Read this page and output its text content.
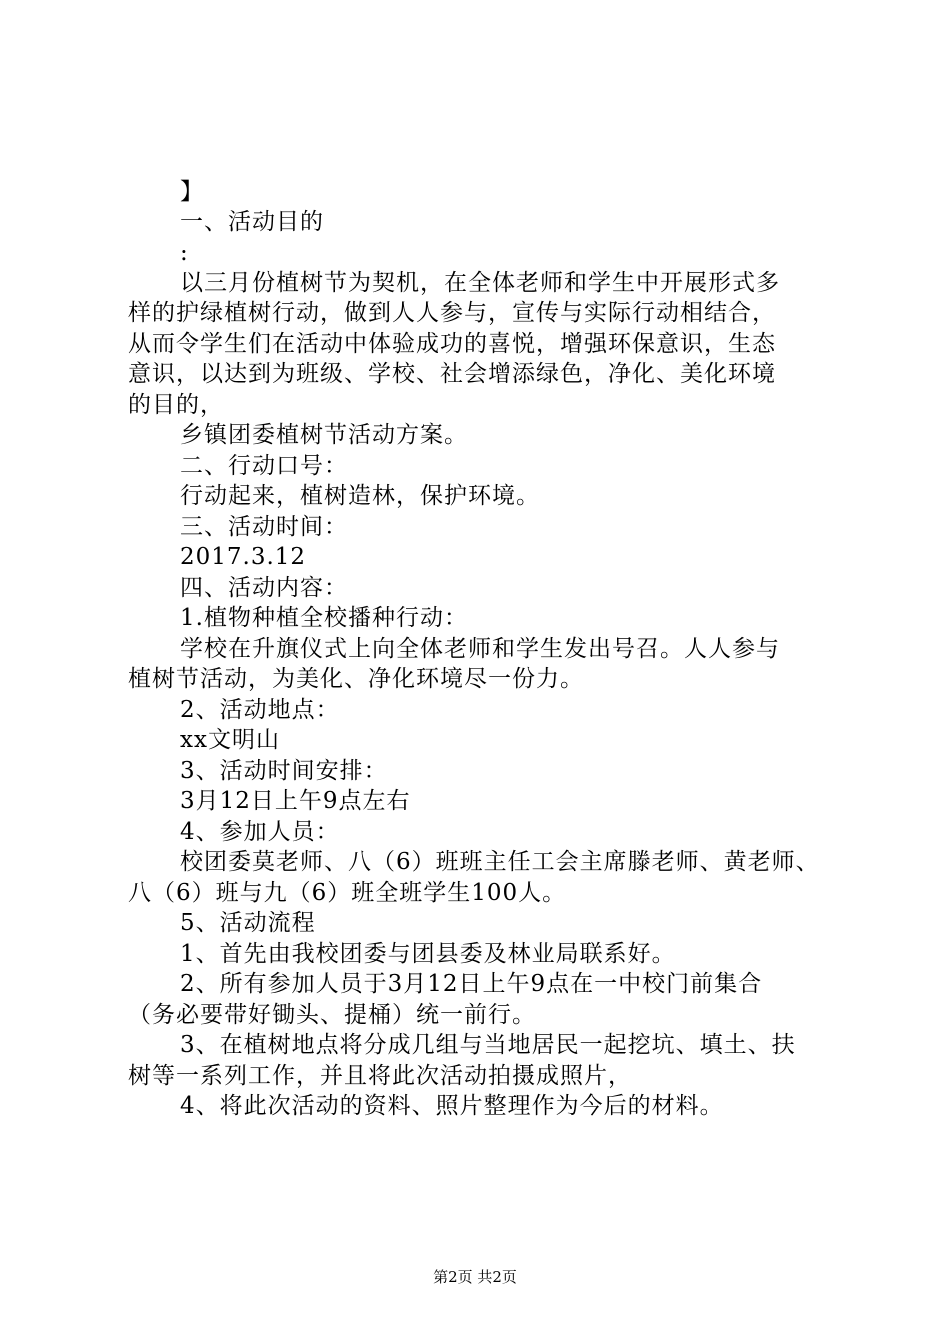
】
一、活动目的
:
以三月份植树节为契机，在全体老师和学生中开展形式多
样的护绿植树行动，做到人人参与，宣传与实际行动相结合，
从而令学生们在活动中体验成功的喜悦，增强环保意识，生态
意识，以达到为班级、学校、社会增添绿色，净化、美化环境
的目的，
乡镇团委植树节活动方案。
二、行动口号：
行动起来，植树造林，保护环境。
三、活动时间：
2017.3.12
四、活动内容：
1.植物种植全校播种行动：
学校在升旗仪式上向全体老师和学生发出号召。人人参与
植树节活动，为美化、净化环境尽一份力。
2、活动地点：
xx文明山
3、活动时间安排：
3月12日上午9点左右
4、参加人员：
校团委莫老师、八（6）班班主任工会主席滕老师、黄老师、
八（6）班与九（6）班全班学生100人。
5、活动流程
1、首先由我校团委与团县委及林业局联系好。
2、所有参加人员于3月12日上午9点在一中校门前集合
（务必要带好锄头、提桶）统一前行。
3、在植树地点将分成几组与当地居民一起挖坑、填土、扶
树等一系列工作，并且将此次活动拍摄成照片，
4、将此次活动的资料、照片整理作为今后的材料。
第2页 共2页
